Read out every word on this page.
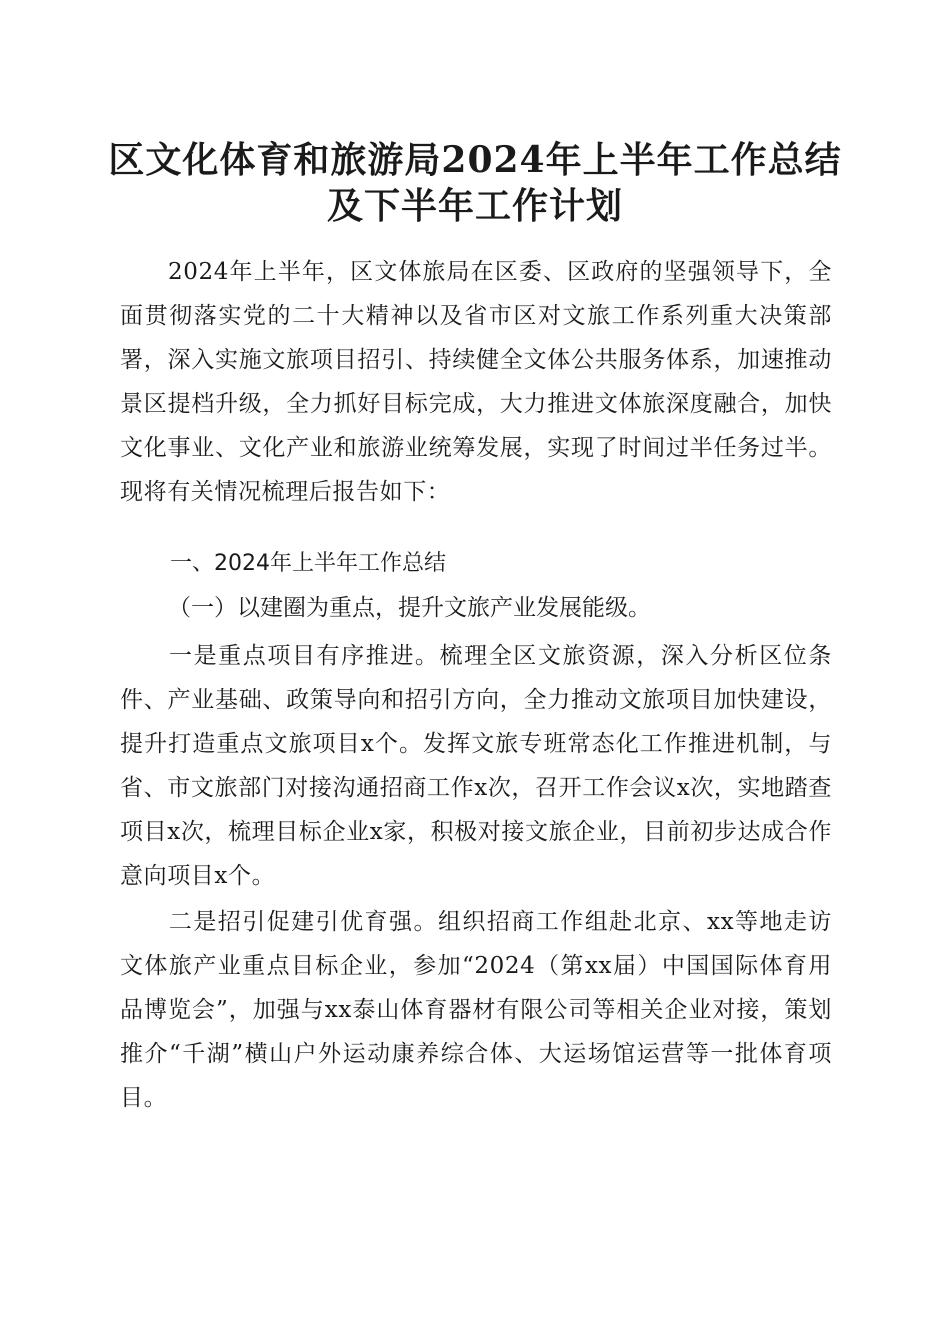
区文化体育和旅游局2024年上半年工作总结
及下半年工作计划

2024年上半年，区文体旅局在区委、区政府的坚强领导下，全面贯彻落实党的二十大精神以及省市区对文旅工作系列重大决策部署，深入实施文旅项目招引、持续健全文体公共服务体系，加速推动景区提档升级，全力抓好目标完成，大力推进文体旅深度融合，加快文化事业、文化产业和旅游业统筹发展，实现了时间过半任务过半。现将有关情况梳理后报告如下：

一、2024年上半年工作总结

（一）以建圈为重点，提升文旅产业发展能级。

一是重点项目有序推进。梳理全区文旅资源，深入分析区位条件、产业基础、政策导向和招引方向，全力推动文旅项目加快建设，提升打造重点文旅项目x个。发挥文旅专班常态化工作推进机制，与省、市文旅部门对接沟通招商工作x次，召开工作会议x次，实地踏查项目x次，梳理目标企业x家，积极对接文旅企业，目前初步达成合作意向项目x个。

二是招引促建引优育强。组织招商工作组赴北京、xx等地走访文体旅产业重点目标企业，参加“2024（第xx届）中国国际体育用品博览会”，加强与xx泰山体育器材有限公司等相关企业对接，策划推介“千湖”横山户外运动康养综合体、大运场馆运营等一批体育项目。
